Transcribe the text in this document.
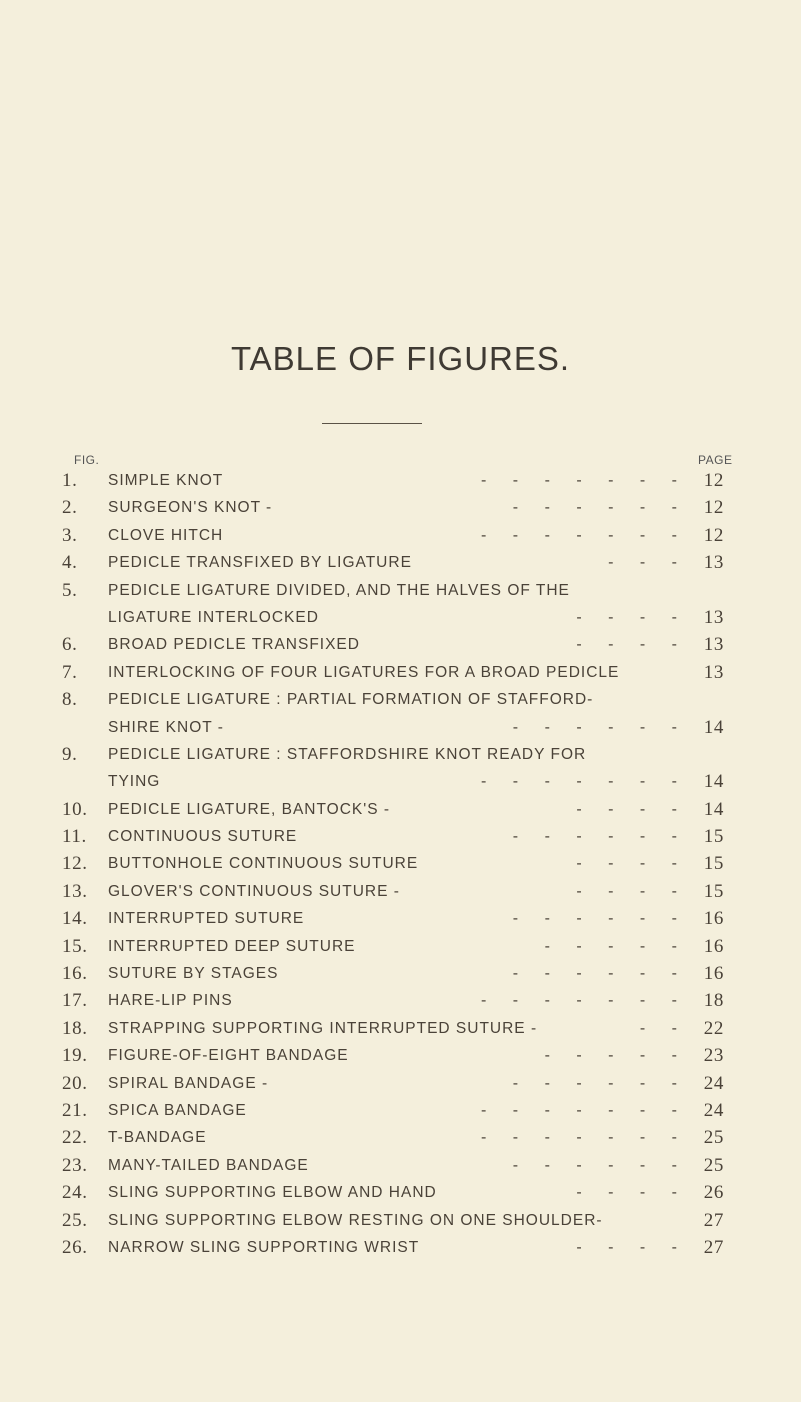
TABLE OF FIGURES.
FIG.	PAGE
1.	SIMPLE KNOT	- - - - - - -	12
2.	SURGEON'S KNOT -	- - - - - -	12
3.	CLOVE HITCH	- - - - - - -	12
4.	PEDICLE TRANSFIXED BY LIGATURE	- - -	13
5.	PEDICLE LIGATURE DIVIDED, AND THE HALVES OF THE
LIGATURE INTERLOCKED	- - - -	13
6.	BROAD PEDICLE TRANSFIXED	- - - -	13
7.	INTERLOCKING OF FOUR LIGATURES FOR A BROAD PEDICLE	13
8.	PEDICLE LIGATURE : PARTIAL FORMATION OF STAFFORD-
SHIRE KNOT -	- - - - - -	14
9.	PEDICLE LIGATURE : STAFFORDSHIRE KNOT READY FOR
TYING	- - - - - - -	14
10.	PEDICLE LIGATURE, BANTOCK'S -	- - - -	14
11.	CONTINUOUS SUTURE	- - - - - -	15
12.	BUTTONHOLE CONTINUOUS SUTURE	- - - -	15
13.	GLOVER'S CONTINUOUS SUTURE -	- - - -	15
14.	INTERRUPTED SUTURE	- - - - - -	16
15.	INTERRUPTED DEEP SUTURE	- - - - -	16
16.	SUTURE BY STAGES	- - - - - -	16
17.	HARE-LIP PINS	- - - - - - -	18
18.	STRAPPING SUPPORTING INTERRUPTED SUTURE -	- -	22
19.	FIGURE-OF-EIGHT BANDAGE	- - - - -	23
20.	SPIRAL BANDAGE -	- - - - - -	24
21.	SPICA BANDAGE	- - - - - - -	24
22.	T-BANDAGE	- - - - - - -	25
23.	MANY-TAILED BANDAGE	- - - - - -	25
24.	SLING SUPPORTING ELBOW AND HAND	- - - -	26
25.	SLING SUPPORTING ELBOW RESTING ON ONE SHOULDER-	27
26.	NARROW SLING SUPPORTING WRIST	- - - -	27
